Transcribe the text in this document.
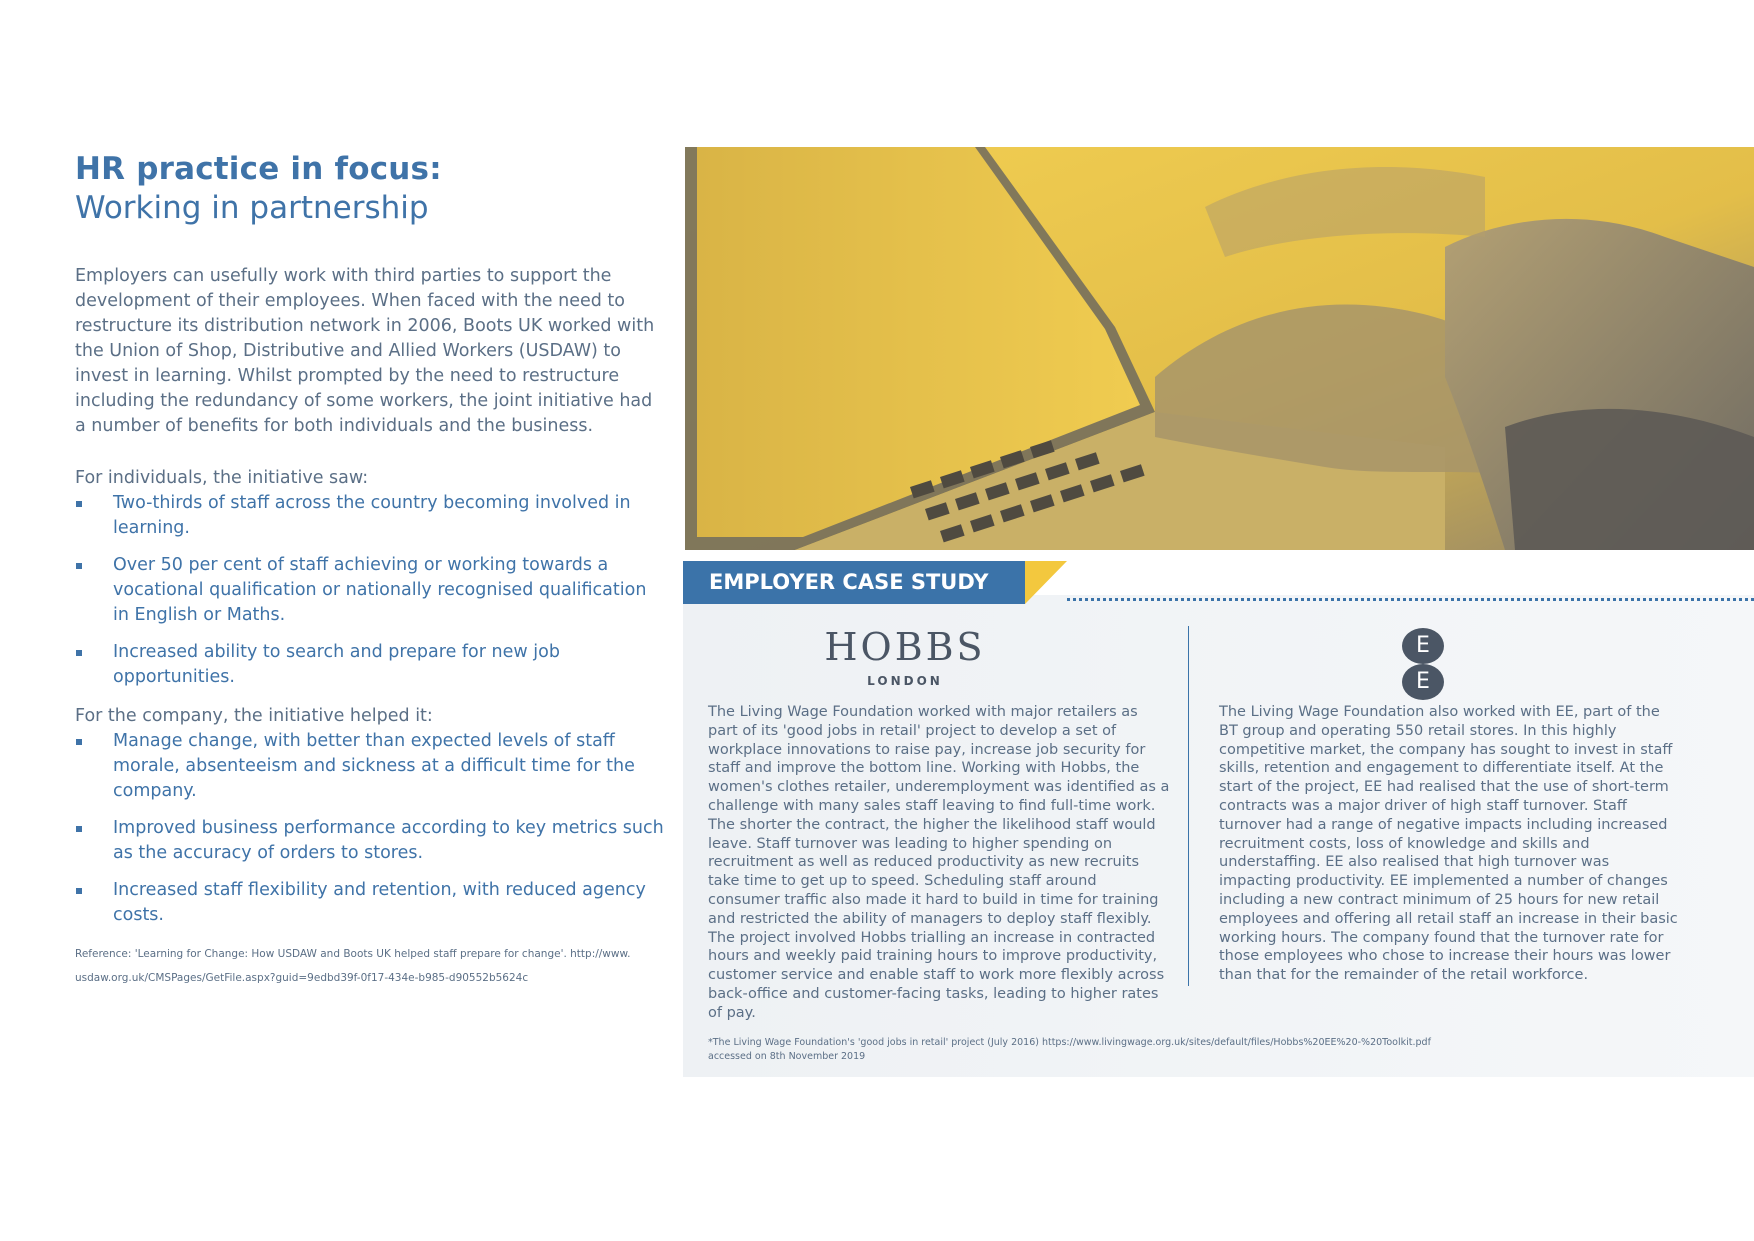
HR practice in focus:
Working in partnership

Employers can usefully work with third parties to support the development of their employees. When faced with the need to restructure its distribution network in 2006, Boots UK worked with the Union of Shop, Distributive and Allied Workers (USDAW) to invest in learning. Whilst prompted by the need to restructure including the redundancy of some workers, the joint initiative had a number of benefits for both individuals and the business.

For individuals, the initiative saw:

Two-thirds of staff across the country becoming involved in learning.
Over 50 per cent of staff achieving or working towards a vocational qualification or nationally recognised qualification in English or Maths.
Increased ability to search and prepare for new job opportunities.

For the company, the initiative helped it:

Manage change, with better than expected levels of staff morale, absenteeism and sickness at a difficult time for the company.
Improved business performance according to key metrics such as the accuracy of orders to stores.
Increased staff flexibility and retention, with reduced agency costs.
Reference: 'Learning for Change: How USDAW and Boots UK helped staff prepare for change'. http://www.
usdaw.org.uk/CMSPages/GetFile.aspx?guid=9edbd39f-0f17-434e-b985-d90552b5624c
EMPLOYER CASE STUDY
HOBBS
LONDON
E
E
The Living Wage Foundation worked with major retailers as part of its 'good jobs in retail' project to develop a set of workplace innovations to raise pay, increase job security for staff and improve the bottom line. Working with Hobbs, the women's clothes retailer, underemployment was identified as a challenge with many sales staff leaving to find full-time work. The shorter the contract, the higher the likelihood staff would leave. Staff turnover was leading to higher spending on recruitment as well as reduced productivity as new recruits take time to get up to speed. Scheduling staff around consumer traffic also made it hard to build in time for training and restricted the ability of managers to deploy staff flexibly. The project involved Hobbs trialling an increase in contracted hours and weekly paid training hours to improve productivity, customer service and enable staff to work more flexibly across back-office and customer-facing tasks, leading to higher rates of pay.
The Living Wage Foundation also worked with EE, part of the BT group and operating 550 retail stores. In this highly competitive market, the company has sought to invest in staff skills, retention and engagement to differentiate itself. At the start of the project, EE had realised that the use of short-term contracts was a major driver of high staff turnover. Staff turnover had a range of negative impacts including increased recruitment costs, loss of knowledge and skills and understaffing. EE also realised that high turnover was impacting productivity. EE implemented a number of changes including a new contract minimum of 25 hours for new retail employees and offering all retail staff an increase in their basic working hours. The company found that the turnover rate for those employees who chose to increase their hours was lower than that for the remainder of the retail workforce.
*The Living Wage Foundation's 'good jobs in retail' project (July 2016) https://www.livingwage.org.uk/sites/default/files/Hobbs%20EE%20-%20Toolkit.pdf
accessed on 8th November 2019
